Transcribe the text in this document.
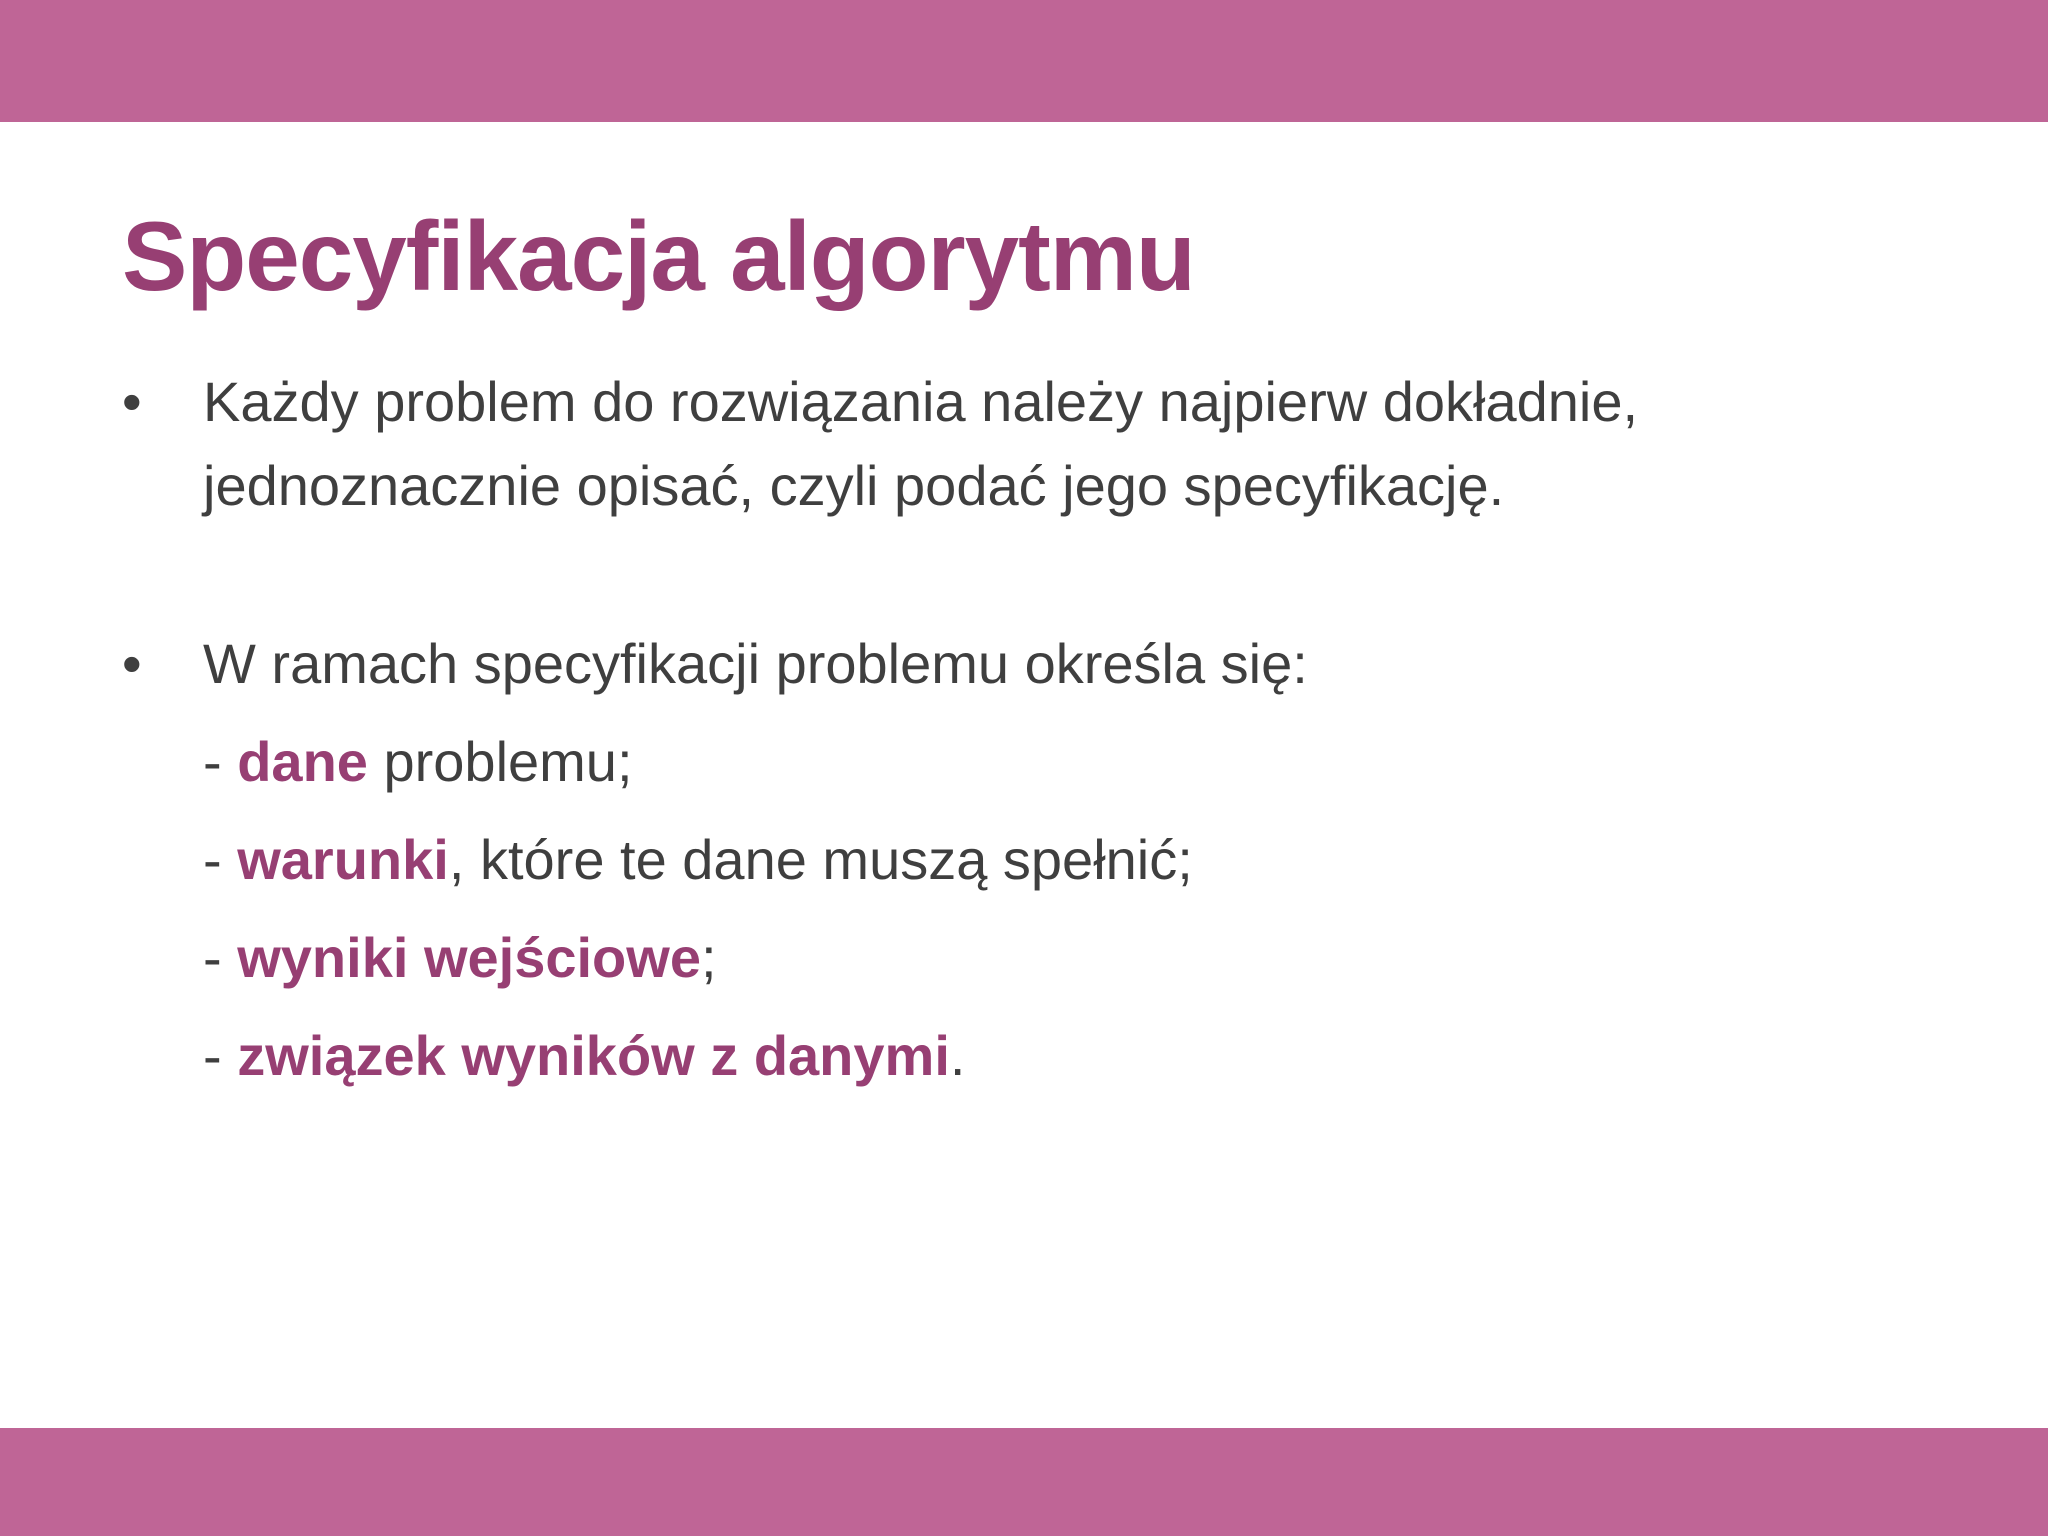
Specyfikacja algorytmu
• Każdy problem do rozwiązania należy najpierw dokładnie, jednoznacznie opisać, czyli podać jego specyfikację.
• W ramach specyfikacji problemu określa się:
- dane problemu;
- warunki, które te dane muszą spełnić;
- wyniki wejściowe;
- związek wyników z danymi.
